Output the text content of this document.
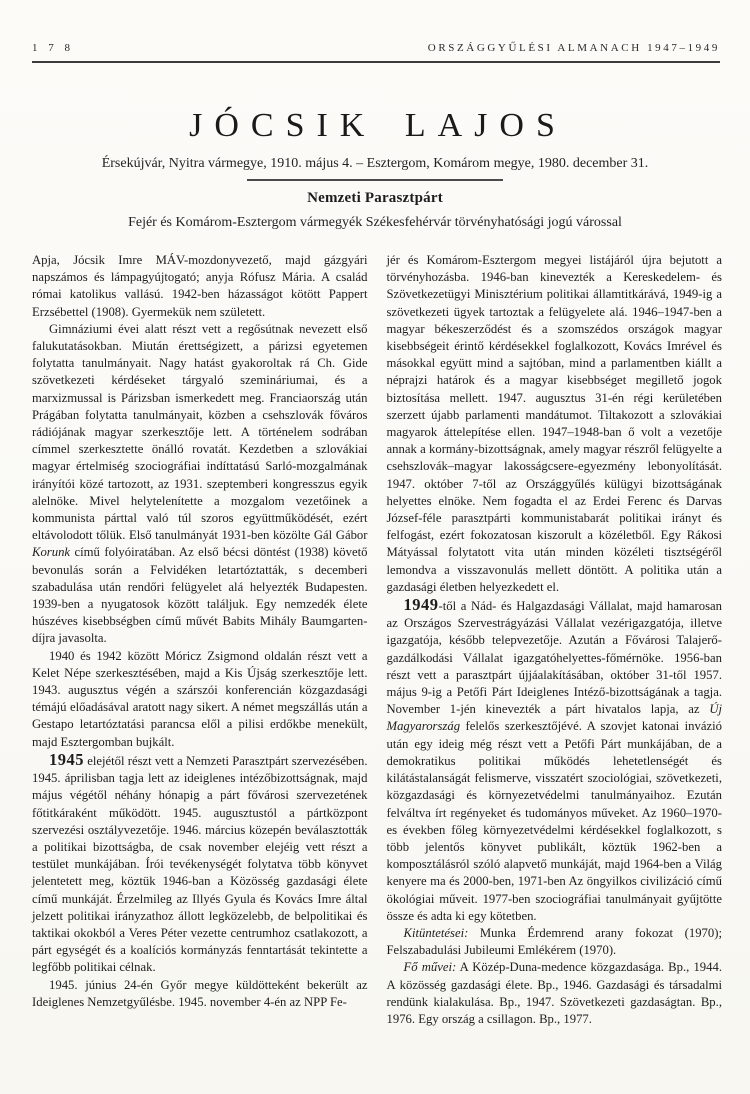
1 7 8	ORSZÁGGYŰLÉSI ALMANACH 1947–1949
JÓCSIK LAJOS
Érsekújvár, Nyitra vármegye, 1910. május 4. – Esztergom, Komárom megye, 1980. december 31.
Nemzeti Parasztpárt
Fejér és Komárom-Esztergom vármegyék Székesfehérvár törvényhatósági jogú várossal

Apja, Jócsik Imre MÁV-mozdonyvezető, majd gázgyári napszámos és lámpagyújtogató; anyja Rófusz Mária. A család római katolikus vallású. 1942-ben házasságot kötött Pappert Erzsébettel (1908). Gyermekük nem született.

Gimnáziumi évei alatt részt vett a regősútnak nevezett első falukutatásokban. Miután érettségizett, a párizsi egyetemen folytatta tanulmányait. Nagy hatást gyakoroltak rá Ch. Gide szövetkezeti kérdéseket tárgyaló szemináriumai, és a marxizmussal is Párizsban ismerkedett meg. Franciaország után Prágában folytatta tanulmányait, közben a csehszlovák főváros rádiójának magyar szerkesztője lett. A történelem sodrában címmel szerkesztette önálló rovatát. Kezdetben a szlovákiai magyar értelmiség szociográfiai indíttatású Sarló-mozgalmának irányítói közé tartozott, az 1931. szeptemberi kongresszus egyik alelnöke. Mivel helytelenítette a mozgalom vezetőinek a kommunista párttal való túl szoros együttműködését, ezért eltávolodott tőlük. Első tanulmányát 1931-ben közölte Gál Gábor Korunk című folyóiratában. Az első bécsi döntést (1938) követő bevonulás során a Felvidéken letartóztatták, s decemberi szabadulása után rendőri felügyelet alá helyezték Budapesten. 1939-ben a nyugatosok között találjuk. Egy nemzedék élete húszéves kisebbségben című művét Babits Mihály Baumgarten-díjra javasolta.

1940 és 1942 között Móricz Zsigmond oldalán részt vett a Kelet Népe szerkesztésében, majd a Kis Újság szerkesztője lett. 1943. augusztus végén a szárszói konferencián közgazdasági témájú előadásával aratott nagy sikert. A német megszállás után a Gestapo letartóztatási parancsa elől a pilisi erdőkbe menekült, majd Esztergomban bujkált.

1945 elejétől részt vett a Nemzeti Parasztpárt szervezésében. 1945. áprilisban tagja lett az ideiglenes intézőbizottságnak, majd május végétől néhány hónapig a párt fővárosi szervezetének főtitkáraként működött. 1945. augusztustól a pártközpont szervezési osztályvezetője. 1946. március közepén beválasztották a politikai bizottságba, de csak november elejéig vett részt a testület munkájában. Írói tevékenységét folytatva több könyvet jelentetett meg, köztük 1946-ban a Közösség gazdasági élete című munkáját. Érzelmileg az Illyés Gyula és Kovács Imre által jelzett politikai irányzathoz állott legközelebb, de belpolitikai és taktikai okokból a Veres Péter vezette centrumhoz csatlakozott, a párt egységét és a koalíciós kormányzás fenntartását tekintette a legfőbb politikai célnak.

1945. június 24-én Győr megye küldötteként bekerült az Ideiglenes Nemzetgyűlésbe. 1945. november 4-én az NPP Fe-

jér és Komárom-Esztergom megyei listájáról újra bejutott a törvényhozásba. 1946-ban kinevezték a Kereskedelem- és Szövetkezetügyi Minisztérium politikai államtitkárává, 1949-ig a szövetkezeti ügyek tartoztak a felügyelete alá. 1946–1947-ben a magyar békeszerződést és a szomszédos országok magyar kisebbségeit érintő kérdésekkel foglalkozott, Kovács Imrével és másokkal együtt mind a sajtóban, mind a parlamentben kiállt a néprajzi határok és a magyar kisebbséget megillető jogok biztosítása mellett. 1947. augusztus 31-én régi kerületében szerzett újabb parlamenti mandátumot. Tiltakozott a szlovákiai magyarok áttelepítése ellen. 1947–1948-ban ő volt a vezetője annak a kormány-bizottságnak, amely magyar részről felügyelte a csehszlovák–magyar lakosságcsere-egyezmény lebonyolítását. 1947. október 7-től az Országgyűlés külügyi bizottságának helyettes elnöke. Nem fogadta el az Erdei Ferenc és Darvas József-féle parasztpárti kommunistabarát politikai irányt és felfogást, ezért fokozatosan kiszorult a közéletből. Egy Rákosi Mátyással folytatott vita után minden közéleti tisztségéről lemondva a visszavonulás mellett döntött. A politika után a gazdasági életben helyezkedett el.

1949-től a Nád- és Halgazdasági Vállalat, majd hamarosan az Országos Szervestrágyázási Vállalat vezérigazgatója, illetve igazgatója, később telepvezetője. Azután a Fővárosi Talajerő-gazdálkodási Vállalat igazgatóhelyettes-főmérnöke. 1956-ban részt vett a parasztpárt újjáalakításában, október 31-től 1957. május 9-ig a Petőfi Párt Ideiglenes Intéző-bizottságának a tagja. November 1-jén kinevezték a párt hivatalos lapja, az Új Magyarország felelős szerkesztőjévé. A szovjet katonai invázió után egy ideig még részt vett a Petőfi Párt munkájában, de a demokratikus politikai működés lehetetlenségét és kilátástalanságát felismerve, visszatért szociológiai, szövetkezeti, közgazdasági és környezetvédelmi tanulmányaihoz. Ezután felváltva írt regényeket és tudományos műveket. Az 1960–1970-es években főleg környezetvédelmi kérdésekkel foglalkozott, s több jelentős könyvet publikált, köztük 1962-ben a komposztálásról szóló alapvető munkáját, majd 1964-ben a Világ kenyere ma és 2000-ben, 1971-ben Az öngyilkos civilizáció című ökológiai műveit. 1977-ben szociográfiai tanulmányait gyűjtötte össze és adta ki egy kötetben.

Kitüntetései: Munka Érdemrend arany fokozat (1970); Felszabadulási Jubileumi Emlékérem (1970).

Fő művei: A Közép-Duna-medence közgazdasága. Bp., 1944. A közösség gazdasági élete. Bp., 1946. Gazdasági és társadalmi rendünk kialakulása. Bp., 1947. Szövetkezeti gazdaságtan. Bp., 1976. Egy ország a csillagon. Bp., 1977.
